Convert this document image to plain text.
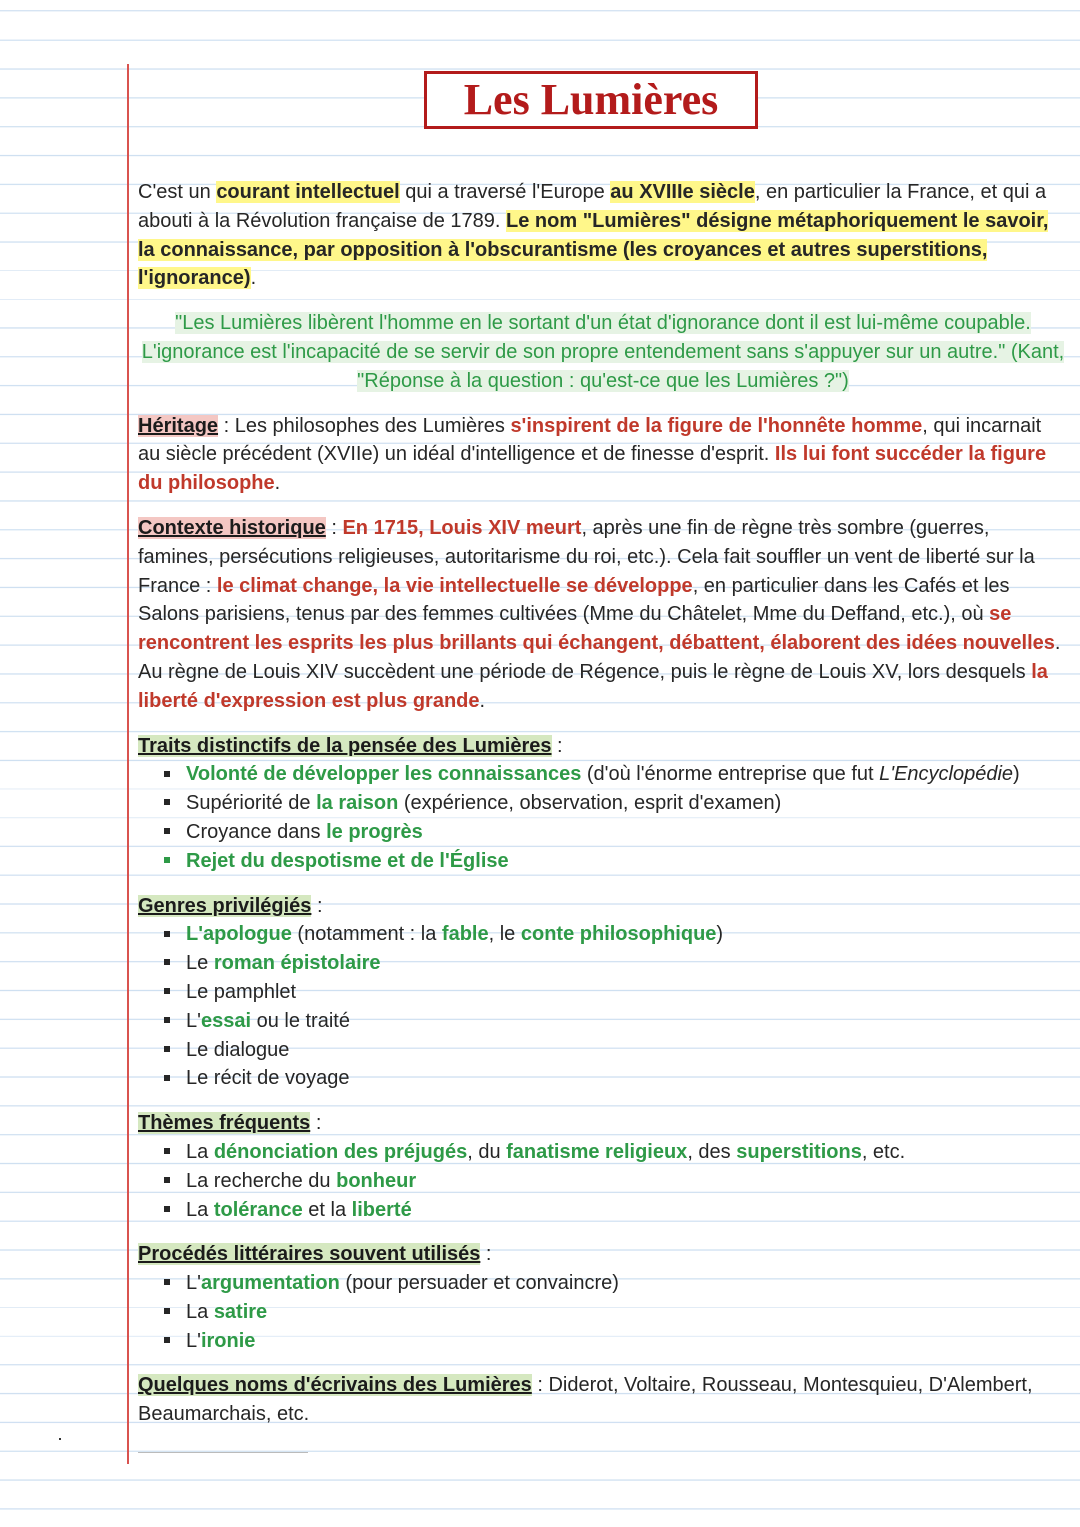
Les Lumières

C'est un courant intellectuel qui a traversé l'Europe au XVIIIe siècle, en particulier la France, et qui a abouti à la Révolution française de 1789. Le nom "Lumières" désigne métaphoriquement le savoir, la connaissance, par opposition à l'obscurantisme (les croyances et autres superstitions, l'ignorance).

"Les Lumières libèrent l'homme en le sortant d'un état d'ignorance dont il est lui-même coupable. L'ignorance est l'incapacité de se servir de son propre entendement sans s'appuyer sur un autre." (Kant, "Réponse à la question : qu'est-ce que les Lumières ?")

Héritage : Les philosophes des Lumières s'inspirent de la figure de l'honnête homme, qui incarnait au siècle précédent (XVIIe) un idéal d'intelligence et de finesse d'esprit. Ils lui font succéder la figure du philosophe.

Contexte historique : En 1715, Louis XIV meurt, après une fin de règne très sombre (guerres, famines, persécutions religieuses, autoritarisme du roi, etc.). Cela fait souffler un vent de liberté sur la France : le climat change, la vie intellectuelle se développe, en particulier dans les Cafés et les Salons parisiens, tenus par des femmes cultivées (Mme du Châtelet, Mme du Deffand, etc.), où se rencontrent les esprits les plus brillants qui échangent, débattent, élaborent des idées nouvelles. Au règne de Louis XIV succèdent une période de Régence, puis le règne de Louis XV, lors desquels la liberté d'expression est plus grande.

Traits distinctifs de la pensée des Lumières :

Volonté de développer les connaissances (d'où l'énorme entreprise que fut L'Encyclopédie)
Supériorité de la raison (expérience, observation, esprit d'examen)
Croyance dans le progrès
Rejet du despotisme et de l'Église

Genres privilégiés :

L'apologue (notamment : la fable, le conte philosophique)
Le roman épistolaire
Le pamphlet
L'essai ou le traité
Le dialogue
Le récit de voyage

Thèmes fréquents :

La dénonciation des préjugés, du fanatisme religieux, des superstitions, etc.
La recherche du bonheur
La tolérance et la liberté

Procédés littéraires souvent utilisés :

L'argumentation (pour persuader et convaincre)
La satire
L'ironie

Quelques noms d'écrivains des Lumières : Diderot, Voltaire, Rousseau, Montesquieu, D'Alembert, Beaumarchais, etc.
